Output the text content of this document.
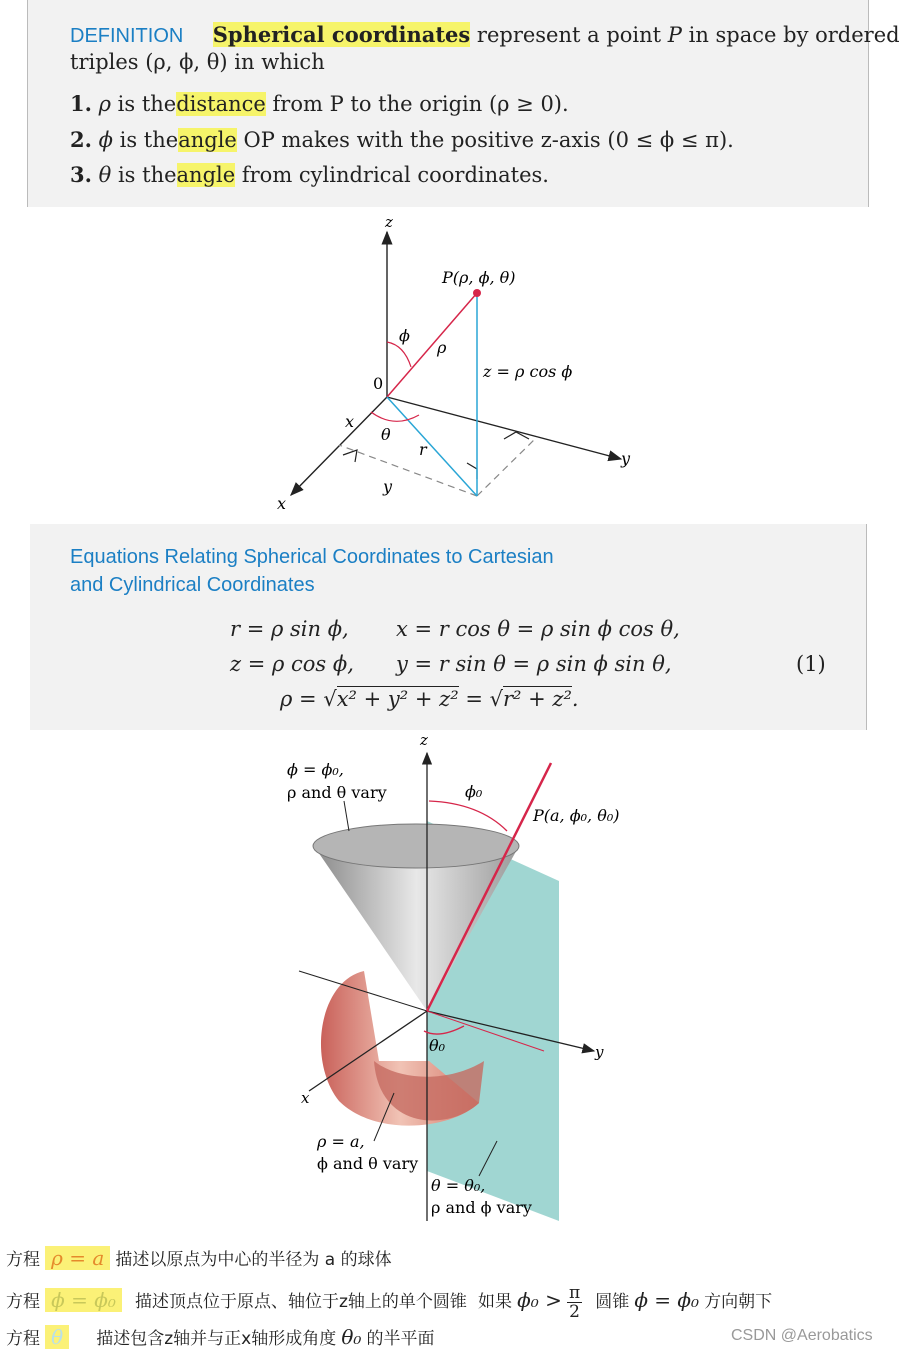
DEFINITION Spherical coordinates represent a point P in space by ordered
triples (ρ, ϕ, θ) in which
1. ρ is thedistance from P to the origin (ρ ≥ 0).
2. ϕ is theangle OP makes with the positive z-axis (0 ≤ ϕ ≤ π).
3. θ is theangle from cylindrical coordinates.
z
0
P(ρ, ϕ, θ)
ϕ
ρ
z = ρ cos ϕ
x
θ
r
y
x
y
Equations Relating Spherical Coordinates to Cartesian
and Cylindrical Coordinates
r = ρ sin ϕ, x = r cos θ = ρ sin ϕ cos θ,
z = ρ cos ϕ, y = r sin θ = ρ sin ϕ sin θ,	(1)
ρ = √x² + y² + z² = √r² + z².
z
ϕ = ϕ₀,
ρ and θ vary	ϕ₀
P(a, ϕ₀, θ₀)
θ₀	y
x
ρ = a,
ϕ and θ vary
θ = θ₀,
ρ and ϕ vary
方程 ρ = a 描述以原点为中心的半径为 a 的球体
方程 ϕ = ϕ₀ 描述顶点位于原点、轴位于z轴上的单个圆锥 如果 $\phi_0 > \frac{\pi}{2}$ 圆锥 ϕ = ϕ₀ 方向朝下
方程 θ 描述包含z轴并与正x轴形成角度 θ₀ 的半平面	CSDN @Aerobatics
